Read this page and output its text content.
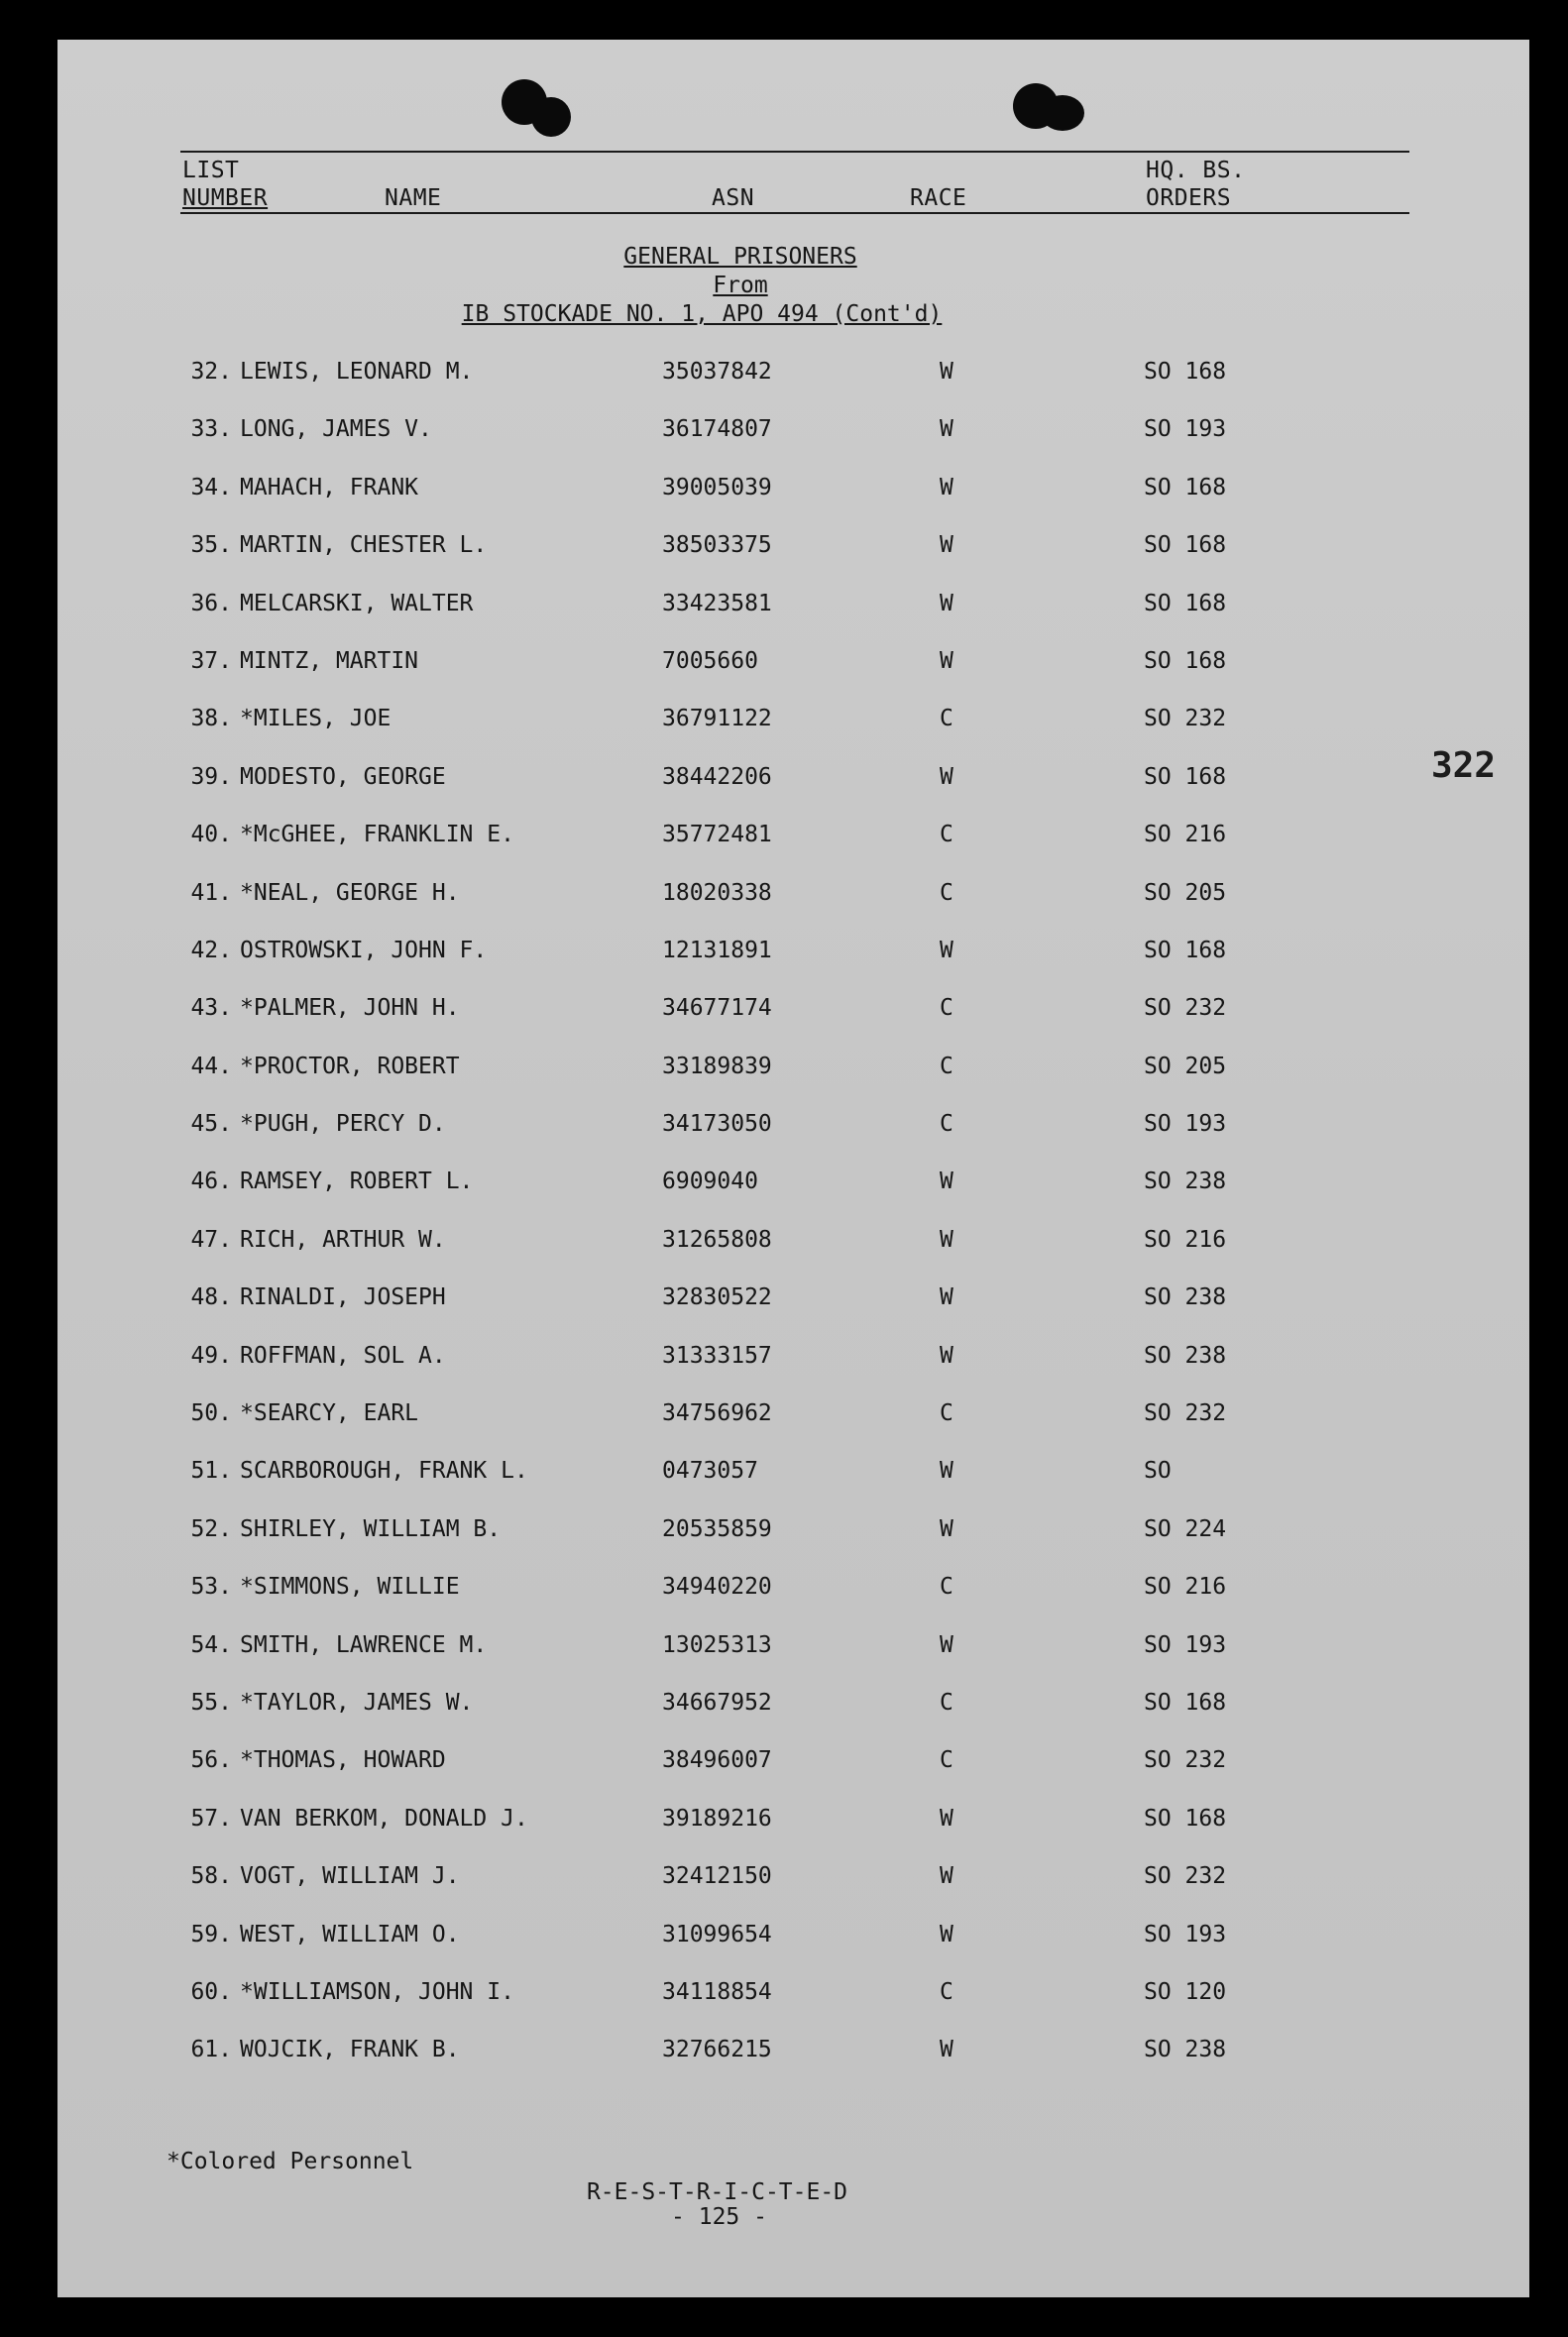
LIST
NUMBER	NAME	ASN	RACE
HQ. BS.
ORDERS
GENERAL PRISONERS
From
IB STOCKADE NO. 1, APO 494 (Cont'd)
32. LEWIS, LEONARD M.	35037842	W	SO 168
33. LONG, JAMES V.	36174807	W	SO 193
34. MAHACH, FRANK	39005039	W	SO 168
35. MARTIN, CHESTER L.	38503375	W	SO 168
36. MELCARSKI, WALTER	33423581	W	SO 168
37. MINTZ, MARTIN	7005660	W	SO 168
38. *MILES, JOE	36791122	C	SO 232
39. MODESTO, GEORGE	38442206	W	SO 168
40. *McGHEE, FRANKLIN E.	35772481	C	SO 216
41. *NEAL, GEORGE H.	18020338	C	SO 205
42. OSTROWSKI, JOHN F.	12131891	W	SO 168
43. *PALMER, JOHN H.	34677174	C	SO 232
44. *PROCTOR, ROBERT	33189839	C	SO 205
45. *PUGH, PERCY D.	34173050	C	SO 193
46. RAMSEY, ROBERT L.	6909040	W	SO 238
47. RICH, ARTHUR W.	31265808	W	SO 216
48. RINALDI, JOSEPH	32830522	W	SO 238
49. ROFFMAN, SOL A.	31333157	W	SO 238
50. *SEARCY, EARL	34756962	C	SO 232
51. SCARBOROUGH, FRANK L.	0473057	W	SO
52. SHIRLEY, WILLIAM B.	20535859	W	SO 224
53. *SIMMONS, WILLIE	34940220	C	SO 216
54. SMITH, LAWRENCE M.	13025313	W	SO 193
55. *TAYLOR, JAMES W.	34667952	C	SO 168
56. *THOMAS, HOWARD	38496007	C	SO 232
57. VAN BERKOM, DONALD J.	39189216	W	SO 168
58. VOGT, WILLIAM J.	32412150	W	SO 232
59. WEST, WILLIAM O.	31099654	W	SO 193
60. *WILLIAMSON, JOHN I.	34118854	C	SO 120
61. WOJCIK, FRANK B.	32766215	W	SO 238
322
*Colored Personnel
R-E-S-T-R-I-C-T-E-D
- 125 -
